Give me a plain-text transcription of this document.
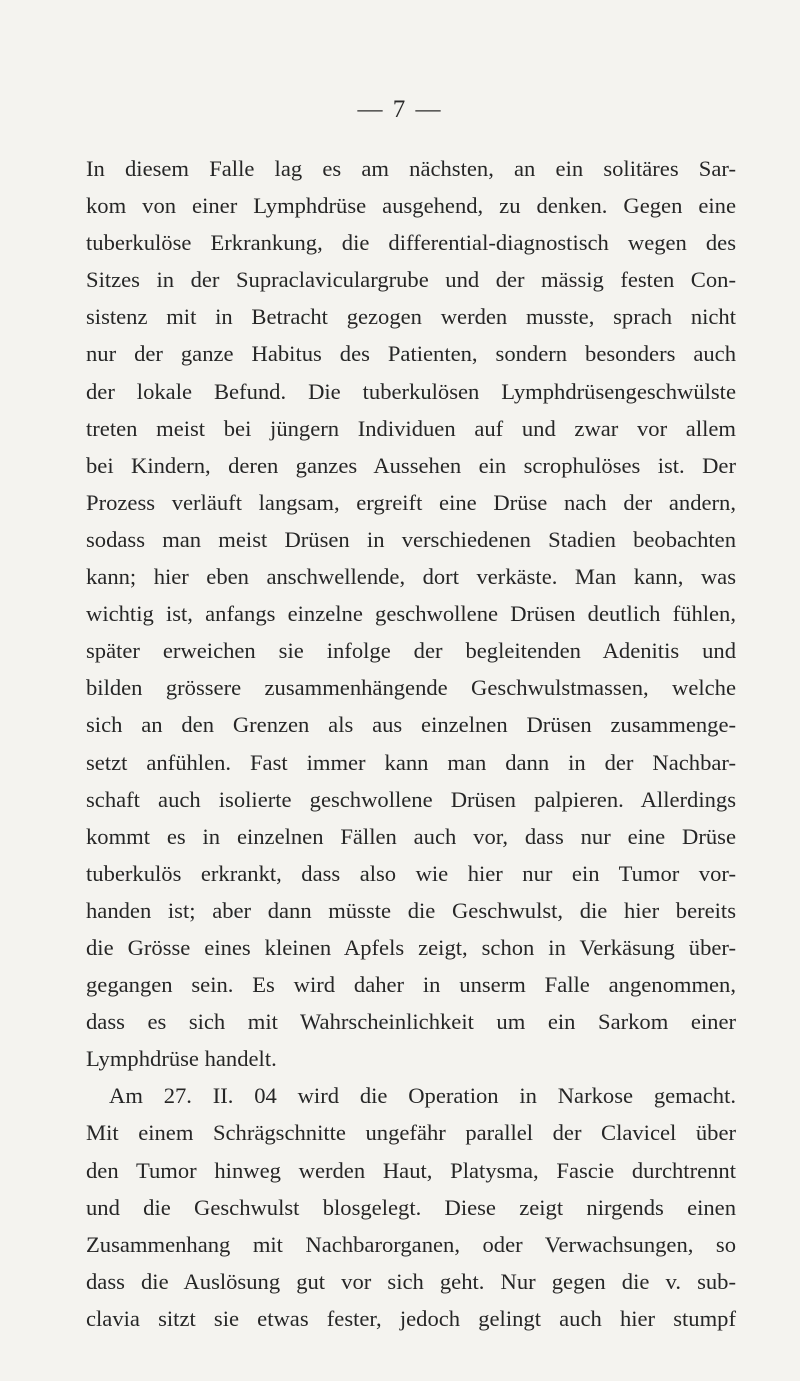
— 7 —
In diesem Falle lag es am nächsten, an ein solitäres Sar-
kom von einer Lymphdrüse ausgehend, zu denken. Gegen eine
tuberkulöse Erkrankung, die differential-diagnostisch wegen des
Sitzes in der Supraclaviculargrube und der mässig festen Con-
sistenz mit in Betracht gezogen werden musste, sprach nicht
nur der ganze Habitus des Patienten, sondern besonders auch
der lokale Befund. Die tuberkulösen Lymphdrüsengeschwülste
treten meist bei jüngern Individuen auf und zwar vor allem
bei Kindern, deren ganzes Aussehen ein scrophulöses ist. Der
Prozess verläuft langsam, ergreift eine Drüse nach der andern,
sodass man meist Drüsen in verschiedenen Stadien beobachten
kann; hier eben anschwellende, dort verkäste. Man kann, was
wichtig ist, anfangs einzelne geschwollene Drüsen deutlich fühlen,
später erweichen sie infolge der begleitenden Adenitis und
bilden grössere zusammenhängende Geschwulstmassen, welche
sich an den Grenzen als aus einzelnen Drüsen zusammenge-
setzt anfühlen. Fast immer kann man dann in der Nachbar-
schaft auch isolierte geschwollene Drüsen palpieren. Allerdings
kommt es in einzelnen Fällen auch vor, dass nur eine Drüse
tuberkulös erkrankt, dass also wie hier nur ein Tumor vor-
handen ist; aber dann müsste die Geschwulst, die hier bereits
die Grösse eines kleinen Apfels zeigt, schon in Verkäsung über-
gegangen sein. Es wird daher in unserm Falle angenommen,
dass es sich mit Wahrscheinlichkeit um ein Sarkom einer
Lymphdrüse handelt.
Am 27. II. 04 wird die Operation in Narkose gemacht.
Mit einem Schrägschnitte ungefähr parallel der Clavicel über
den Tumor hinweg werden Haut, Platysma, Fascie durchtrennt
und die Geschwulst blosgelegt. Diese zeigt nirgends einen
Zusammenhang mit Nachbarorganen, oder Verwachsungen, so
dass die Auslösung gut vor sich geht. Nur gegen die v. sub-
clavia sitzt sie etwas fester, jedoch gelingt auch hier stumpf
